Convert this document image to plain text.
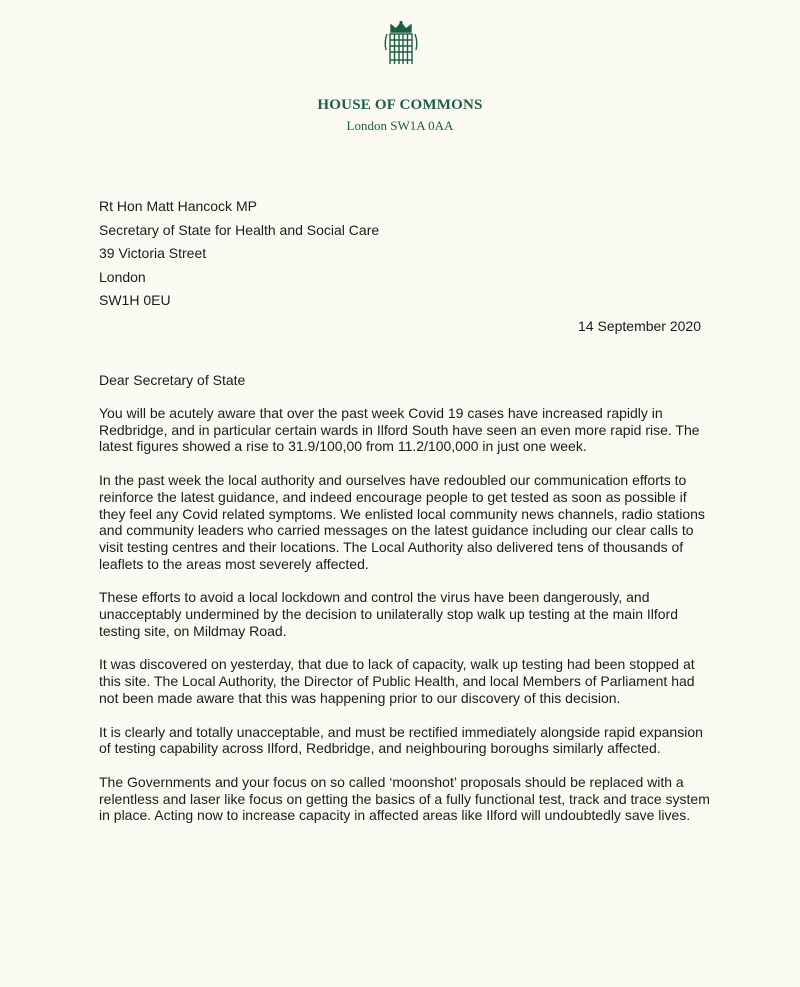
HOUSE OF COMMONS
London SW1A 0AA
Rt Hon Matt Hancock MP
Secretary of State for Health and Social Care
39 Victoria Street
London
SW1H 0EU
14 September 2020
Dear Secretary of State

You will be acutely aware that over the past week Covid 19 cases have increased rapidly in Redbridge, and in particular certain wards in Ilford South have seen an even more rapid rise. The latest figures showed a rise to 31.9/100,00 from 11.2/100,000 in just one week.

In the past week the local authority and ourselves have redoubled our communication efforts to reinforce the latest guidance, and indeed encourage people to get tested as soon as possible if they feel any Covid related symptoms. We enlisted local community news channels, radio stations and community leaders who carried messages on the latest guidance including our clear calls to visit testing centres and their locations. The Local Authority also delivered tens of thousands of leaflets to the areas most severely affected.

These efforts to avoid a local lockdown and control the virus have been dangerously, and unacceptably undermined by the decision to unilaterally stop walk up testing at the main Ilford testing site, on Mildmay Road.

It was discovered on yesterday, that due to lack of capacity, walk up testing had been stopped at this site. The Local Authority, the Director of Public Health, and local Members of Parliament had not been made aware that this was happening prior to our discovery of this decision.

It is clearly and totally unacceptable, and must be rectified immediately alongside rapid expansion of testing capability across Ilford, Redbridge, and neighbouring boroughs similarly affected.

The Governments and your focus on so called ‘moonshot’ proposals should be replaced with a relentless and laser like focus on getting the basics of a fully functional test, track and trace system in place. Acting now to increase capacity in affected areas like Ilford will undoubtedly save lives.
